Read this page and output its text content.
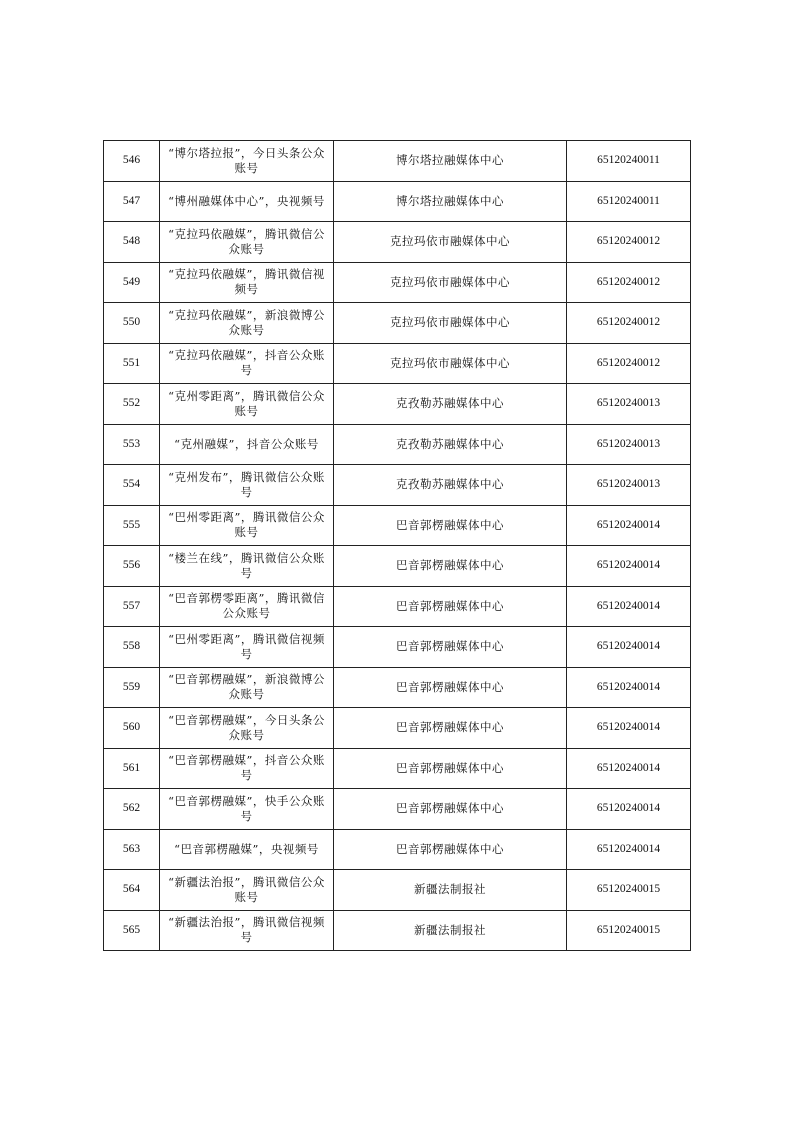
546	“博尔塔拉报”，今日头条公众账号	博尔塔拉融媒体中心	65120240011
547	“博州融媒体中心”，央视频号	博尔塔拉融媒体中心	65120240011
548	“克拉玛依融媒”，腾讯微信公众账号	克拉玛依市融媒体中心	65120240012
549	“克拉玛依融媒”，腾讯微信视频号	克拉玛依市融媒体中心	65120240012
550	“克拉玛依融媒”，新浪微博公众账号	克拉玛依市融媒体中心	65120240012
551	“克拉玛依融媒”，抖音公众账号	克拉玛依市融媒体中心	65120240012
552	“克州零距离”，腾讯微信公众账号	克孜勒苏融媒体中心	65120240013
553	“克州融媒”，抖音公众账号	克孜勒苏融媒体中心	65120240013
554	“克州发布”，腾讯微信公众账号	克孜勒苏融媒体中心	65120240013
555	“巴州零距离”，腾讯微信公众账号	巴音郭楞融媒体中心	65120240014
556	“楼兰在线”，腾讯微信公众账号	巴音郭楞融媒体中心	65120240014
557	“巴音郭楞零距离”，腾讯微信公众账号	巴音郭楞融媒体中心	65120240014
558	“巴州零距离”，腾讯微信视频号	巴音郭楞融媒体中心	65120240014
559	“巴音郭楞融媒”，新浪微博公众账号	巴音郭楞融媒体中心	65120240014
560	“巴音郭楞融媒”，今日头条公众账号	巴音郭楞融媒体中心	65120240014
561	“巴音郭楞融媒”，抖音公众账号	巴音郭楞融媒体中心	65120240014
562	“巴音郭楞融媒”，快手公众账号	巴音郭楞融媒体中心	65120240014
563	“巴音郭楞融媒”，央视频号	巴音郭楞融媒体中心	65120240014
564	“新疆法治报”，腾讯微信公众账号	新疆法制报社	65120240015
565	“新疆法治报”，腾讯微信视频号	新疆法制报社	65120240015
